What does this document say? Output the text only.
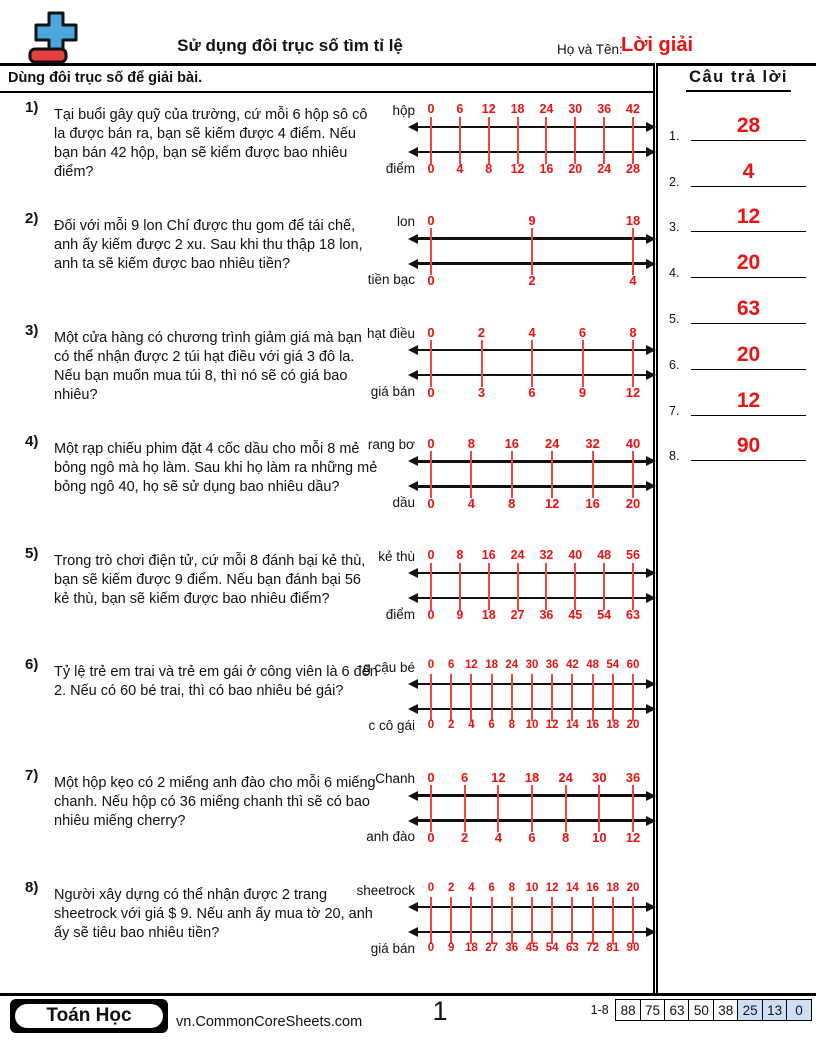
Sử dụng đôi trục số tìm tỉ lệ	Họ và Tên:
Lời giải
Dùng đôi trục số để giải bài.	Câu trả lời
1.	28
2.	4
3.	12
4.	20
5.	63
6.	20
7.	12
8.	90
1) Tại buổi gây quỹ của trường, cứ mỗi 6 hộp sô cô la được bán ra, bạn sẽ kiếm được 4 điểm. Nếu bạn bán 42 hộp, bạn sẽ kiếm được bao nhiêu điểm?
hộp
điểm
0
0
6
4
12
8
18
12
24
16
30
20
36
24
42
28
2) Đối với mỗi 9 lon Chí được thu gom để tái chế, anh ấy kiếm được 2 xu. Sau khi thu thập 18 lon, anh ta sẽ kiếm được bao nhiêu tiền?
lon
tiền bạc
0
0
9
2
18
4
3) Một cửa hàng có chương trình giảm giá mà bạn có thể nhận được 2 túi hạt điều với giá 3 đô la. Nếu bạn muốn mua túi 8, thì nó sẽ có giá bao nhiêu?
hạt điều
giá bán
0
0
2
3
4
6
6
9
8
12
4) Một rạp chiếu phim đặt 4 cốc dầu cho mỗi 8 mẻ bỏng ngô mà họ làm. Sau khi họ làm ra những mẻ bỏng ngô 40, họ sẽ sử dụng bao nhiêu dầu?
rang bơ
dầu
0
0
8
4
16
8
24
12
32
16
40
20
5) Trong trò chơi điện tử, cứ mỗi 8 đánh bại kẻ thù, bạn sẽ kiếm được 9 điểm. Nếu bạn đánh bại 56 kẻ thù, bạn sẽ kiếm được bao nhiêu điểm?
kẻ thù
điểm
0
0
8
9
16
18
24
27
32
36
40
45
48
54
56
63
6) Tỷ lệ trẻ em trai và trẻ em gái ở công viên là 6 đến 2. Nếu có 60 bé trai, thì có bao nhiêu bé gái?
g cậu bé
c cô gái
0
0
6
2
12
4
18
6
24
8
30
10
36
12
42
14
48
16
54
18
60
20
7) Một hộp kẹo có 2 miếng anh đào cho mỗi 6 miếng chanh. Nếu hộp có 36 miếng chanh thì sẽ có bao nhiêu miếng cherry?
Chanh
anh đào
0
0
6
2
12
4
18
6
24
8
30
10
36
12
8) Người xây dựng có thể nhận được 2 trang sheetrock với giá $ 9. Nếu anh ấy mua tờ 20, anh ấy sẽ tiêu bao nhiêu tiền?
sheetrock
giá bán
0
0
2
9
4
18
6
27
8
36
10
45
12
54
14
63
16
72
18
81
20
90
Toán Học	vn.CommonCoreSheets.com	1	1-8 88 75 63 50 38 25 13 0
